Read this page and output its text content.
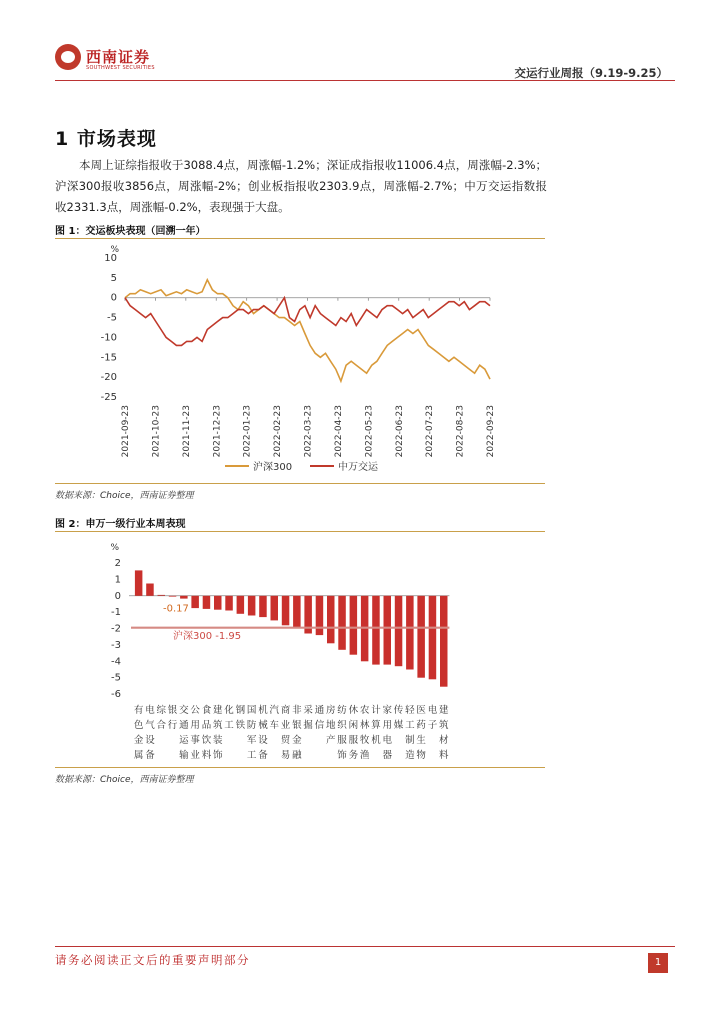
西南证券
SOUTHWEST SECURITIES	交运行业周报（9.19-9.25）
1 市场表现

本周上证综指报收于3088.4点，周涨幅-1.2%；深证成指报收11006.4点，周涨幅-2.3%；沪深300报收3856点，周涨幅-2%；创业板指报收2303.9点，周涨幅-2.7%；中万交运指数报收2331.3点，周涨幅-0.2%，表现强于大盘。

图 1：交运板块表现（回溯一年）
%
10
5
0
-5
-10
-15
-20
-25
2021-09-23 2021-10-23 2021-11-23 2021-12-23 2022-01-23 2022-02-23 2022-03-23 2022-04-23 2022-05-23 2022-06-23 2022-07-23 2022-08-23 2022-09-23
沪深300	中万交运
数据来源：Choice，西南证券整理
图 2：申万一级行业本周表现
%
2
1
0
-1
-2
-3
-4
-5
-6
-0.17
沪深300 -1.95
有
色
金
属
电
气
设
备
综
合
银
行
交
通
运
输
公
用
事
业
食
品
饮
料
建
筑
装
饰
化
工
钢
铁
国
防
军
工
机
械
设
备
汽
车
商
业
贸
易
非
银
金
融
采
掘
通
信
房
地
产
纺
织
服
饰
休
闲
服
务
农
林
牧
渔
计
算
机
家
用
电
器
传
媒
轻
工
制
造
医
药
生
物
电
子
建
筑
材
料
数据来源：Choice，西南证券整理
请务必阅读正文后的重要声明部分	1
